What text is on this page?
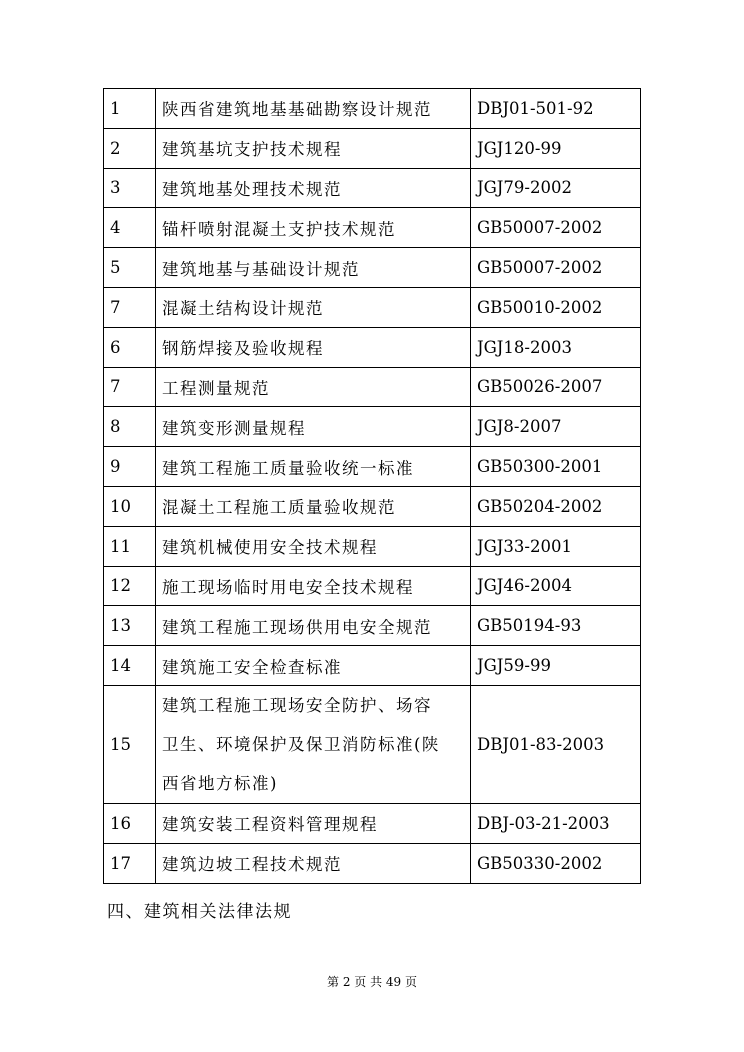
1	陕西省建筑地基基础勘察设计规范	DBJ01-501-92
2	建筑基坑支护技术规程	JGJ120-99
3	建筑地基处理技术规范	JGJ79-2002
4	锚杆喷射混凝土支护技术规范	GB50007-2002
5	建筑地基与基础设计规范	GB50007-2002
7	混凝土结构设计规范	GB50010-2002
6	钢筋焊接及验收规程	JGJ18-2003
7	工程测量规范	GB50026-2007
8	建筑变形测量规程	JGJ8-2007
9	建筑工程施工质量验收统一标准	GB50300-2001
10	混凝土工程施工质量验收规范	GB50204-2002
11	建筑机械使用安全技术规程	JGJ33-2001
12	施工现场临时用电安全技术规程	JGJ46-2004
13	建筑工程施工现场供用电安全规范	GB50194-93
14	建筑施工安全检查标准	JGJ59-99
15	建筑工程施工现场安全防护、场容
卫生、环境保护及保卫消防标准(陕
西省地方标准)	DBJ01-83-2003
16	建筑安装工程资料管理规程	DBJ-03-21-2003
17	建筑边坡工程技术规范	GB50330-2002
四、建筑相关法律法规
第 2 页 共 49 页
